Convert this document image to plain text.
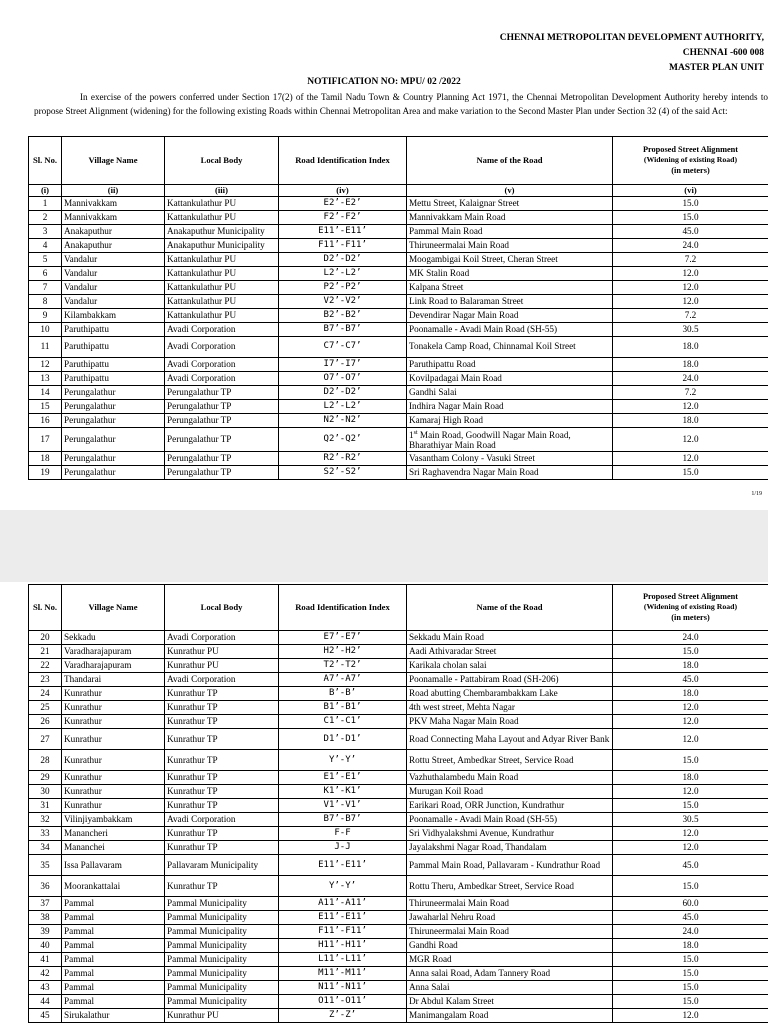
CHENNAI METROPOLITAN DEVELOPMENT AUTHORITY,
CHENNAI -600 008
MASTER PLAN UNIT
NOTIFICATION NO: MPU/ 02 /2022

In exercise of the powers conferred under Section 17(2) of the Tamil Nadu Town & Country Planning Act 1971, the Chennai Metropolitan Development Authority hereby intends to propose Street Alignment (widening) for the following existing Roads within Chennai Metropolitan Area and make variation to the Second Master Plan under Section 32 (4) of the said Act:

Sl. No.	Village Name	Local Body	Road Identification Index	Name of the Road	Proposed Street Alignment
(Widening of existing Road)
(in meters)

(i)	(ii)	(iii)	(iv)	(v)	(vi)
1	Mannivakkam	Kattankulathur PU	E2’-E2’	Mettu Street, Kalaignar Street	15.0
2	Mannivakkam	Kattankulathur PU	F2’-F2’	Mannivakkam Main Road	15.0
3	Anakaputhur	Anakaputhur Municipality	E11’-E11’	Pammal Main Road	45.0
4	Anakaputhur	Anakaputhur Municipality	F11’-F11’	Thiruneermalai Main Road	24.0
5	Vandalur	Kattankulathur PU	D2’-D2’	Moogambigai Koil Street, Cheran Street	7.2
6	Vandalur	Kattankulathur PU	L2’-L2’	MK Stalin Road	12.0
7	Vandalur	Kattankulathur PU	P2’-P2’	Kalpana Street	12.0
8	Vandalur	Kattankulathur PU	V2’-V2’	Link Road to Balaraman Street	12.0
9	Kilambakkam	Kattankulathur PU	B2’-B2’	Devendirar Nagar Main Road	7.2
10	Paruthipattu	Avadi Corporation	B7’-B7’	Poonamalle - Avadi Main Road (SH-55)	30.5
11	Paruthipattu	Avadi Corporation	C7’-C7’	Tonakela Camp Road, Chinnamal Koil Street	18.0
12	Paruthipattu	Avadi Corporation	I7’-I7’	Paruthipattu Road	18.0
13	Paruthipattu	Avadi Corporation	O7’-O7’	Kovilpadagai Main Road	24.0
14	Perungalathur	Perungalathur TP	D2’-D2’	Gandhi Salai	7.2
15	Perungalathur	Perungalathur TP	L2’-L2’	Indhira Nagar Main Road	12.0
16	Perungalathur	Perungalathur TP	N2’-N2’	Kamaraj High Road	18.0
17	Perungalathur	Perungalathur TP	Q2’-Q2’	1st Main Road, Goodwill Nagar Main Road, Bharathiyar Main Road	12.0
18	Perungalathur	Perungalathur TP	R2’-R2’	Vasantham Colony - Vasuki Street	12.0
19	Perungalathur	Perungalathur TP	S2’-S2’	Sri Raghavendra Nagar Main Road	15.0
1/19
Sl. No.	Village Name	Local Body	Road Identification Index	Name of the Road	Proposed Street Alignment
(Widening of existing Road)
(in meters)

20	Sekkadu	Avadi Corporation	E7’-E7’	Sekkadu Main Road	24.0
21	Varadharajapuram	Kunrathur PU	H2’-H2’	Aadi Athivaradar Street	15.0
22	Varadharajapuram	Kunrathur PU	T2’-T2’	Karikala cholan salai	18.0
23	Thandarai	Avadi Corporation	A7’-A7’	Poonamalle - Pattabiram Road (SH-206)	45.0
24	Kunrathur	Kunrathur TP	B’-B’	Road abutting Chembarambakkam Lake	18.0
25	Kunrathur	Kunrathur TP	B1’-B1’	4th west street, Mehta Nagar	12.0
26	Kunrathur	Kunrathur TP	C1’-C1’	PKV Maha Nagar Main Road	12.0
27	Kunrathur	Kunrathur TP	D1’-D1’	Road Connecting Maha Layout and Adyar River Bank	12.0
28	Kunrathur	Kunrathur TP	Y’-Y’	Rottu Street, Ambedkar Street, Service Road	15.0
29	Kunrathur	Kunrathur TP	E1’-E1’	Vazhuthalambedu Main Road	18.0
30	Kunrathur	Kunrathur TP	K1’-K1’	Murugan Koil Road	12.0
31	Kunrathur	Kunrathur TP	V1’-V1’	Earikari Road, ORR Junction, Kundrathur	15.0
32	Vilinjiyambakkam	Avadi Corporation	B7’-B7’	Poonamalle - Avadi Main Road (SH-55)	30.5
33	Manancheri	Kunrathur TP	F-F	Sri Vidhyalakshmi Avenue, Kundrathur	12.0
34	Mananchei	Kunrathur TP	J-J	Jayalakshmi Nagar Road, Thandalam	12.0
35	Issa Pallavaram	Pallavaram Municipality	E11’-E11’	Pammal Main Road, Pallavaram - Kundrathur Road	45.0
36	Moorankattalai	Kunrathur TP	Y’-Y’	Rottu Theru, Ambedkar Street, Service Road	15.0
37	Pammal	Pammal Municipality	A11’-A11’	Thiruneermalai Main Road	60.0
38	Pammal	Pammal Municipality	E11’-E11’	Jawaharlal Nehru Road	45.0
39	Pammal	Pammal Municipality	F11’-F11’	Thiruneermalai Main Road	24.0
40	Pammal	Pammal Municipality	H11’-H11’	Gandhi Road	18.0
41	Pammal	Pammal Municipality	L11’-L11’	MGR Road	15.0
42	Pammal	Pammal Municipality	M11’-M11’	Anna salai Road, Adam Tannery Road	15.0
43	Pammal	Pammal Municipality	N11’-N11’	Anna Salai	15.0
44	Pammal	Pammal Municipality	O11’-O11’	Dr Abdul Kalam Street	15.0
45	Sirukalathur	Kunrathur PU	Z’-Z’	Manimangalam Road	12.0
